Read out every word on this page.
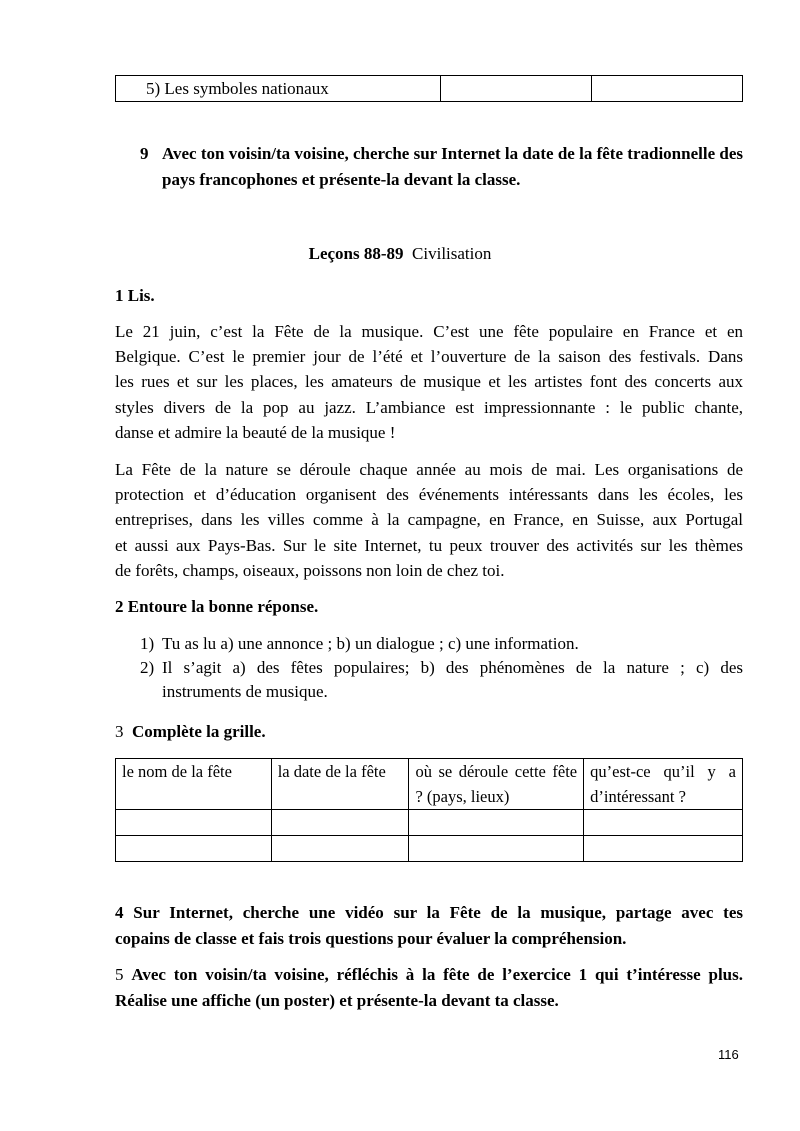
5) Les symboles nationaux		
9 Avec ton voisin/ta voisine, cherche sur Internet la date de la fête tradionnelle des pays francophones et présente-la devant la classe.
Leçons 88-89 Civilisation
1 Lis.
Le 21 juin, c’est la Fête de la musique. C’est une fête populaire en France et en
Belgique. C’est le premier jour de l’été et l’ouverture de la saison des festivals. Dans
les rues et sur les places, les amateurs de musique et les artistes font des concerts aux
styles divers de la pop au jazz. L’ambiance est impressionnante : le public chante,
danse et admire la beauté de la musique !
La Fête de la nature se déroule chaque année au mois de mai. Les organisations de
protection et d’éducation organisent des événements intéressants dans les écoles, les
entreprises, dans les villes comme à la campagne, en France, en Suisse, aux Portugal
et aussi aux Pays-Bas. Sur le site Internet, tu peux trouver des activités sur les thèmes
de forêts, champs, oiseaux, poissons non loin de chez toi.
2 Entoure la bonne réponse.
1) Tu as lu a) une annonce ; b) un dialogue ; c) une information.
2) Il s’agit a) des fêtes populaires; b) des phénomènes de la nature ; c) des
instruments de musique.
3 Complète la grille.
le nom de la fête	la date de la fête	où se déroule cette fête ? (pays, lieux)	qu’est-ce qu’il y a d’intéressant ?

4 Sur Internet, cherche une vidéo sur la Fête de la musique, partage avec tes
copains de classe et fais trois questions pour évaluer la compréhension.
5 Avec ton voisin/ta voisine, réfléchis à la fête de l’exercice 1 qui t’intéresse plus.
Réalise une affiche (un poster) et présente-la devant ta classe.
116
